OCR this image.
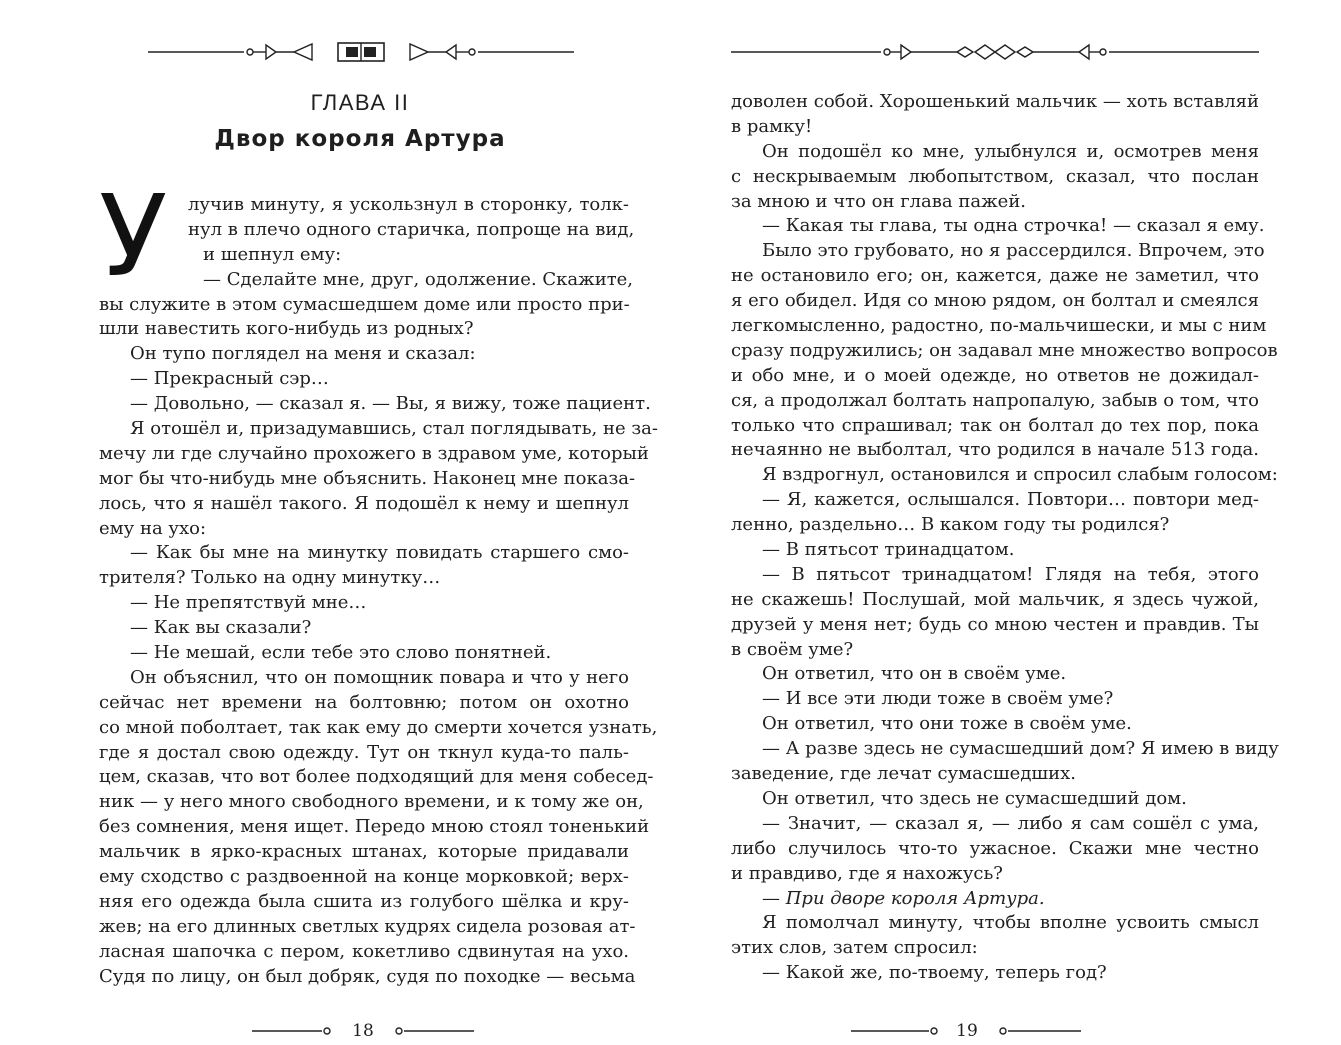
ГЛАВА II
Двор короля Артура
У	лучив минуту, я ускользнул в сторонку, толк-
нул в плечо одного старичка, попроще на вид,
и шепнул ему:
— Сделайте мне, друг, одолжение. Скажите,
вы служите в этом сумасшедшем доме или просто при-
шли навестить кого-нибудь из родных?
Он тупо поглядел на меня и сказал:
— Прекрасный сэр…
— Довольно, — сказал я. — Вы, я вижу, тоже пациент.
Я отошёл и, призадумавшись, стал поглядывать, не за-
мечу ли где случайно прохожего в здравом уме, который
мог бы что-нибудь мне объяснить. Наконец мне показа-
лось, что я нашёл такого. Я подошёл к нему и шепнул
ему на ухо:
— Как бы мне на минутку повидать старшего смо-
трителя? Только на одну минутку…
— Не препятствуй мне…
— Как вы сказали?
— Не мешай, если тебе это слово понятней.
Он объяснил, что он помощник повара и что у него
сейчас нет времени на болтовню; потом он охотно
со мной поболтает, так как ему до смерти хочется узнать,
где я достал свою одежду. Тут он ткнул куда-то паль-
цем, сказав, что вот более подходящий для меня собесед-
ник — у него много свободного времени, и к тому же он,
без сомнения, меня ищет. Передо мною стоял тоненький
мальчик в ярко-красных штанах, которые придавали
ему сходство с раздвоенной на конце морковкой; верх-
няя его одежда была сшита из голубого шёлка и кру-
жев; на его длинных светлых кудрях сидела розовая ат-
ласная шапочка с пером, кокетливо сдвинутая на ухо.
Судя по лицу, он был добряк, судя по походке — весьма
18
доволен собой. Хорошенький мальчик — хоть вставляй
в рамку!
Он подошёл ко мне, улыбнулся и, осмотрев меня
с нескрываемым любопытством, сказал, что послан
за мною и что он глава пажей.
— Какая ты глава, ты одна строчка! — сказал я ему.
Было это грубовато, но я рассердился. Впрочем, это
не остановило его; он, кажется, даже не заметил, что
я его обидел. Идя со мною рядом, он болтал и смеялся
легкомысленно, радостно, по-мальчишески, и мы с ним
сразу подружились; он задавал мне множество вопросов
и обо мне, и о моей одежде, но ответов не дожидал-
ся, а продолжал болтать напропалую, забыв о том, что
только что спрашивал; так он болтал до тех пор, пока
нечаянно не выболтал, что родился в начале 513 года.
Я вздрогнул, остановился и спросил слабым голосом:
— Я, кажется, ослышался. Повтори… повтори мед-
ленно, раздельно… В каком году ты родился?
— В пятьсот тринадцатом.
— В пятьсот тринадцатом! Глядя на тебя, этого
не скажешь! Послушай, мой мальчик, я здесь чужой,
друзей у меня нет; будь со мною честен и правдив. Ты
в своём уме?
Он ответил, что он в своём уме.
— И все эти люди тоже в своём уме?
Он ответил, что они тоже в своём уме.
— А разве здесь не сумасшедший дом? Я имею в виду
заведение, где лечат сумасшедших.
Он ответил, что здесь не сумасшедший дом.
— Значит, — сказал я, — либо я сам сошёл с ума,
либо случилось что-то ужасное. Скажи мне честно
и правдиво, где я нахожусь?
— При дворе короля Артура.
Я помолчал минуту, чтобы вполне усвоить смысл
этих слов, затем спросил:
— Какой же, по-твоему, теперь год?
19
